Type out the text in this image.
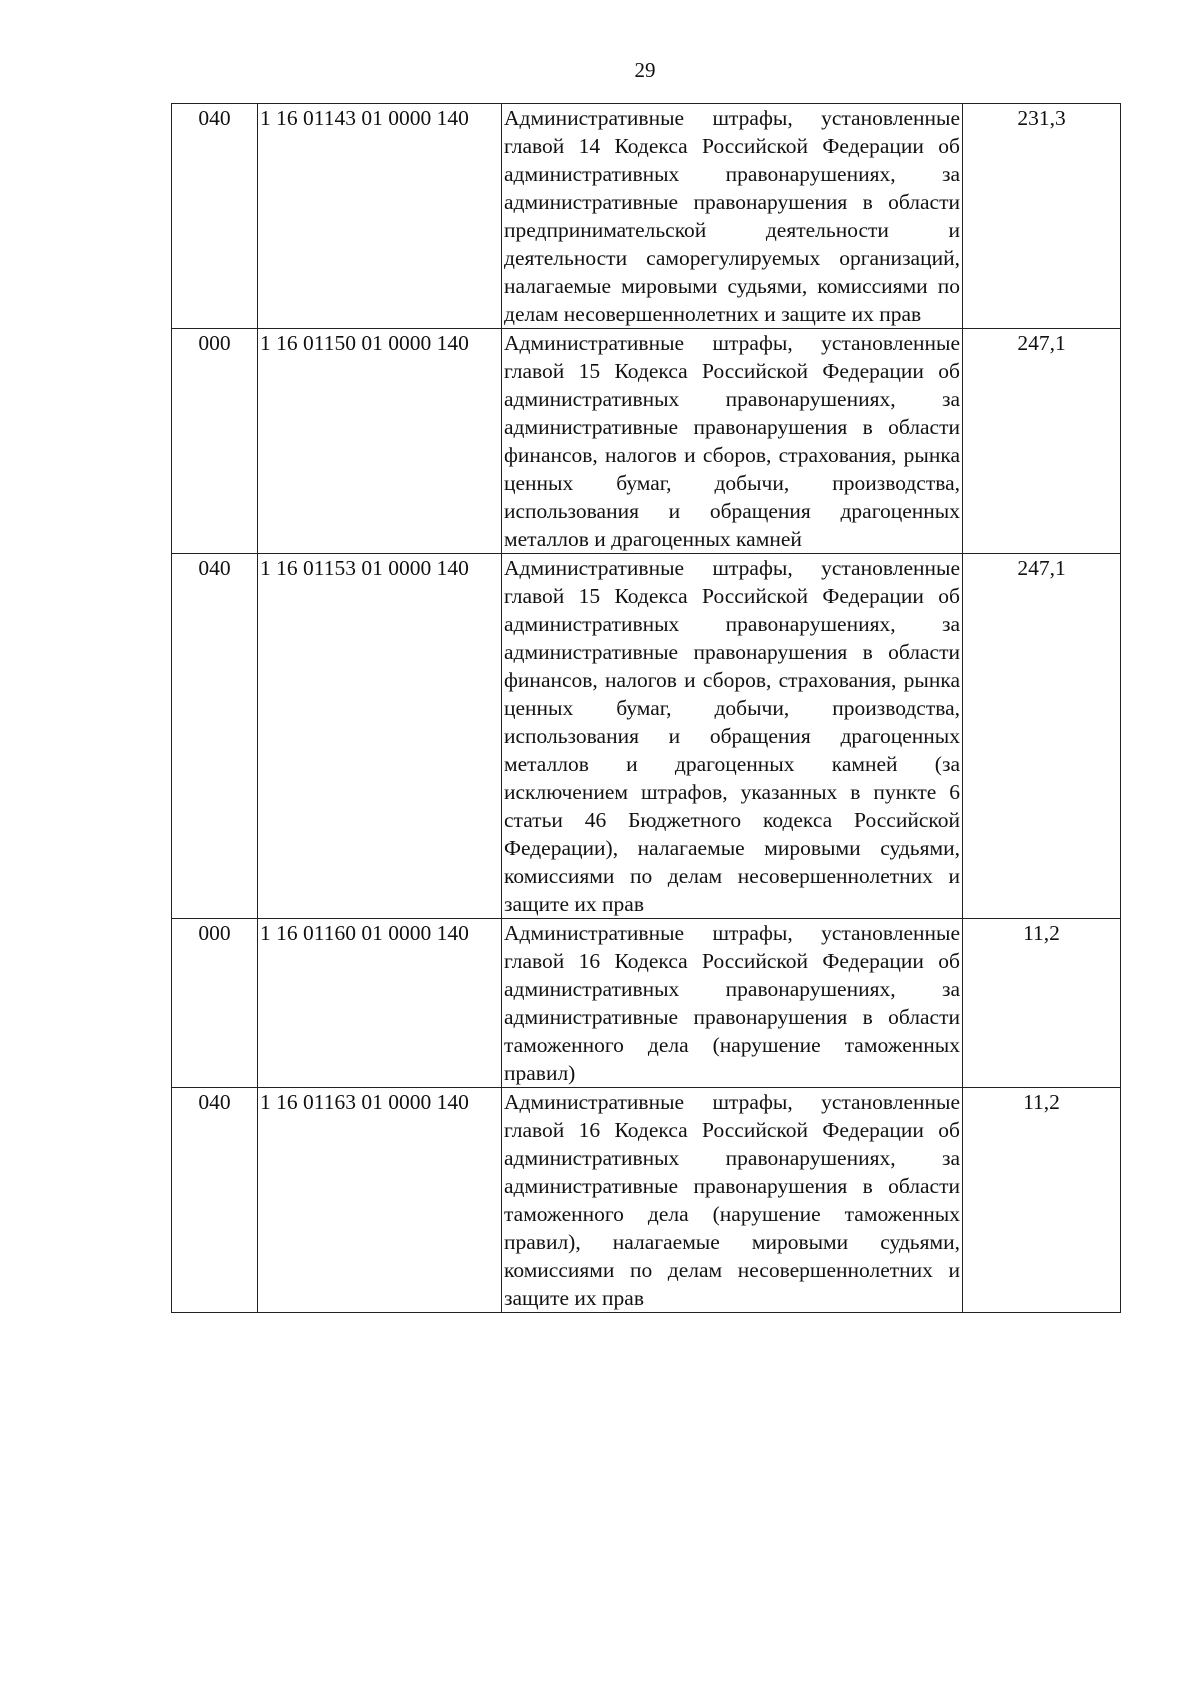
29
040	1 16 01143 01 0000 140	Административные штрафы, установленные главой 14 Кодекса Российской Федерации об административных правонарушениях, за административные правонарушения в области предпринимательской деятельности и деятельности саморегулируемых организаций, налагаемые мировыми судьями, комиссиями по делам несовершеннолетних и защите их прав	231,3
000	1 16 01150 01 0000 140	Административные штрафы, установленные главой 15 Кодекса Российской Федерации об административных правонарушениях, за административные правонарушения в области финансов, налогов и сборов, страхования, рынка ценных бумаг, добычи, производства, использования и обращения драгоценных металлов и драгоценных камней	247,1
040	1 16 01153 01 0000 140	Административные штрафы, установленные главой 15 Кодекса Российской Федерации об административных правонарушениях, за административные правонарушения в области финансов, налогов и сборов, страхования, рынка ценных бумаг, добычи, производства, использования и обращения драгоценных металлов и драгоценных камней (за исключением штрафов, указанных в пункте 6 статьи 46 Бюджетного кодекса Российской Федерации), налагаемые мировыми судьями, комиссиями по делам несовершеннолетних и защите их прав	247,1
000	1 16 01160 01 0000 140	Административные штрафы, установленные главой 16 Кодекса Российской Федерации об административных правонарушениях, за административные правонарушения в области таможенного дела (нарушение таможенных правил)	11,2
040	1 16 01163 01 0000 140	Административные штрафы, установленные главой 16 Кодекса Российской Федерации об административных правонарушениях, за административные правонарушения в области таможенного дела (нарушение таможенных правил), налагаемые мировыми судьями, комиссиями по делам несовершеннолетних и защите их прав	11,2
